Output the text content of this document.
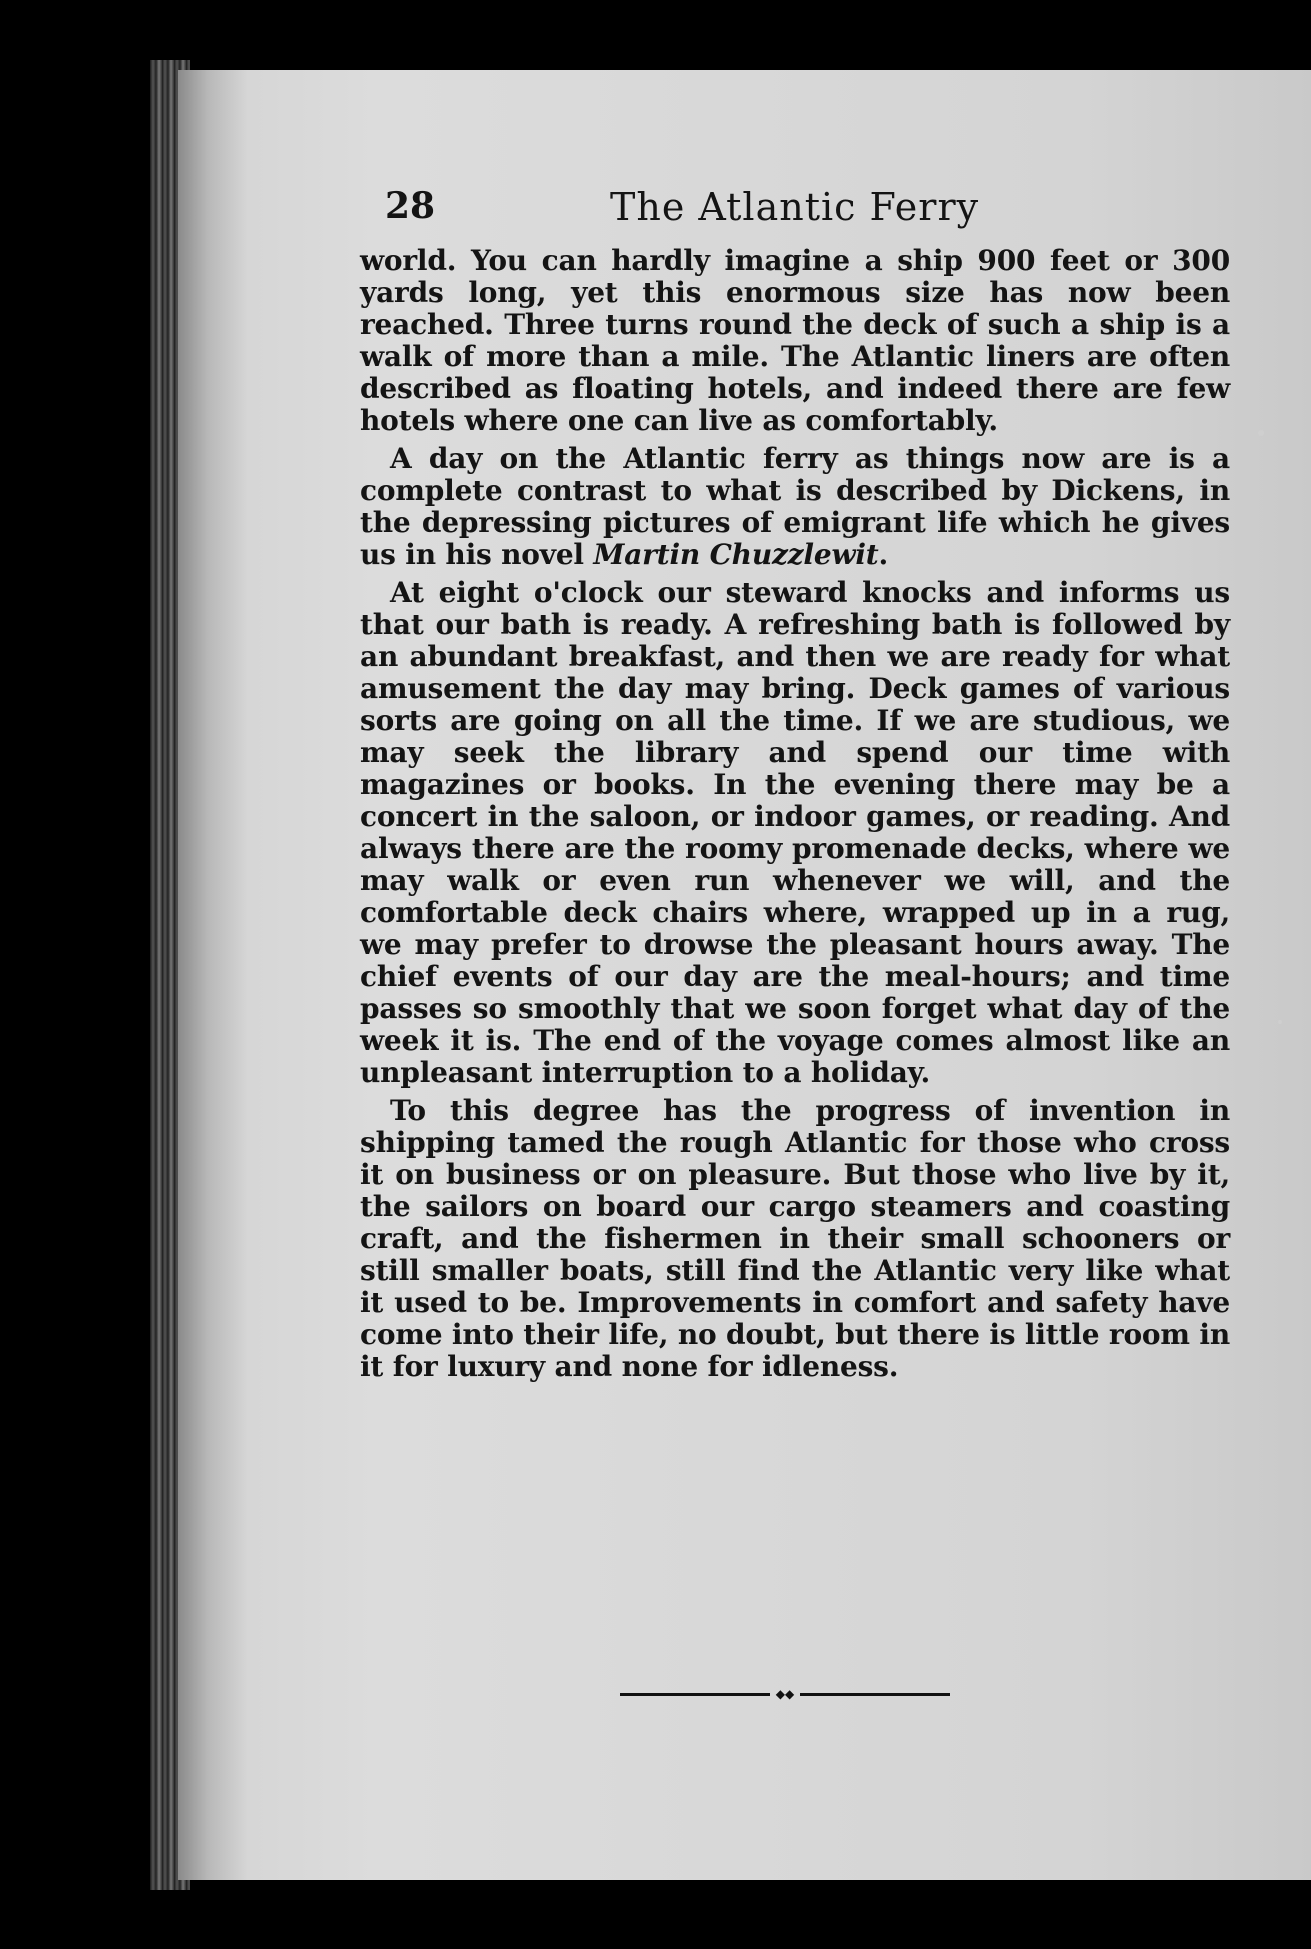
28	The Atlantic Ferry

world. You can hardly imagine a ship 900 feet or 300 yards long, yet this enormous size has now been reached. Three turns round the deck of such a ship is a walk of more than a mile. The Atlantic liners are often described as floating hotels, and indeed there are few hotels where one can live as comfortably.

A day on the Atlantic ferry as things now are is a complete contrast to what is described by Dickens, in the depressing pictures of emigrant life which he gives us in his novel Martin Chuzzlewit.

At eight o'clock our steward knocks and informs us that our bath is ready. A refreshing bath is followed by an abundant breakfast, and then we are ready for what amusement the day may bring. Deck games of various sorts are going on all the time. If we are studious, we may seek the library and spend our time with magazines or books. In the evening there may be a concert in the saloon, or indoor games, or reading. And always there are the roomy promenade decks, where we may walk or even run whenever we will, and the comfortable deck chairs where, wrapped up in a rug, we may prefer to drowse the pleasant hours away. The chief events of our day are the meal-hours; and time passes so smoothly that we soon forget what day of the week it is. The end of the voyage comes almost like an unpleasant interruption to a holiday.

To this degree has the progress of invention in shipping tamed the rough Atlantic for those who cross it on business or on pleasure. But those who live by it, the sailors on board our cargo steamers and coasting craft, and the fishermen in their small schooners or still smaller boats, still find the Atlantic very like what it used to be. Improvements in comfort and safety have come into their life, no doubt, but there is little room in it for luxury and none for idleness.

◆◆
